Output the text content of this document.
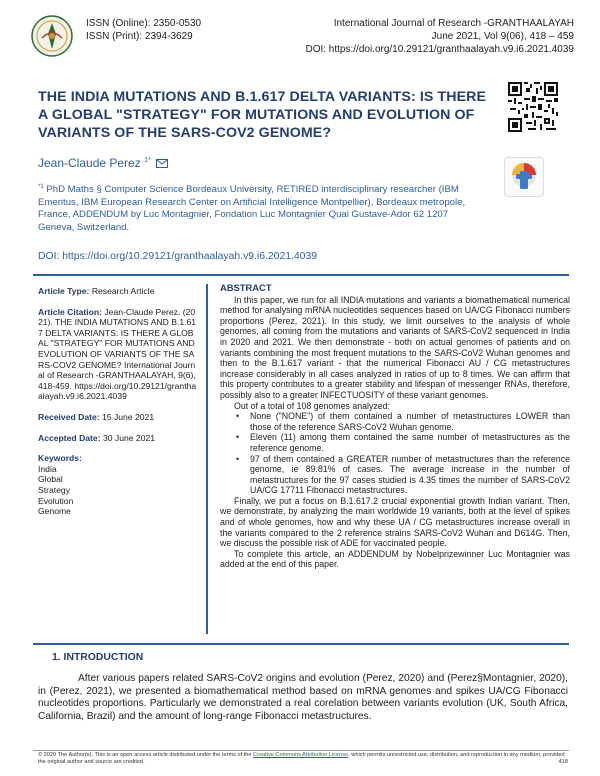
ISSN (Online): 2350-0530
ISSN (Print): 2394-3629
International Journal of Research -GRANTHAALAYAH
June 2021, Vol 9(06), 418 – 459
DOI: https://doi.org/10.29121/granthaalayah.v9.i6.2021.4039
THE INDIA MUTATIONS AND B.1.617 DELTA VARIANTS: IS THERE A GLOBAL "STRATEGY" FOR MUTATIONS AND EVOLUTION OF VARIANTS OF THE SARS-COV2 GENOME?
Jean-Claude Perez $^{1*}$
$^{*1}$ PhD Maths § Computer Science Bordeaux University, RETIRED interdisciplinary researcher (IBM Emeritus, IBM European Research Center on Artificial Intelligence Montpellier), Bordeaux metropole, France, ADDENDUM by Luc Montagnier, Fondation Luc Montagnier Quai Gustave-Ador 62 1207 Geneva, Switzerland.
DOI: https://doi.org/10.29121/granthaalayah.v9.i6.2021.4039
Article Type: Research Article
Article Citation: Jean-Claude Perez. (2021). THE INDIA MUTATIONS AND B.1.617 DELTA VARIANTS: IS THERE A GLOBAL "STRATEGY" FOR MUTATIONS AND EVOLUTION OF VARIANTS OF THE SARS-COV2 GENOME? International Journal of Research -GRANTHAALAYAH, 9(6), 418-459. https://doi.org/10.29121/granthaalayah.v9.i6.2021.4039
Received Date: 15 June 2021
Accepted Date: 30 June 2021
Keywords:
India
Global
Strategy
Evolution
Genome
ABSTRACT

In this paper, we run for all INDIA mutations and variants a biomathematical numerical method for analysing mRNA nucleotides sequences based on UA/CG Fibonacci numbers proportions (Perez, 2021). In this study, we limit ourselves to the analysis of whole genomes, all coming from the mutations and variants of SARS-CoV2 sequenced in India in 2020 and 2021. We then demonstrate - both on actual genomes of patients and on variants combining the most frequent mutations to the SARS-CoV2 Wuhan genomes and then to the B.1.617 variant - that the numerical Fibonacci AU / CG metastructures increase considerably in all cases analyzed in ratios of up to 8 times. We can affirm that this property contributes to a greater stability and lifespan of messenger RNAs, therefore, possibly also to a greater INFECTUOSITY of these variant genomes.

Out of a total of 108 genomes analyzed:

• None ("NONE") of them contained a number of metastructures LOWER than those of the reference SARS-CoV2 Wuhan genome.
• Eleven (11) among them contained the same number of metastructures as the reference genome.
• 97 of them contained a GREATER number of metastructures than the reference genome, ie 89.81% of cases. The average increase in the number of metastructures for the 97 cases studied is 4.35 times the number of SARS-CoV2 UA/CG 17711 Fibonacci metastructures.

Finally, we put a focus on B.1.617.2 crucial exponential growth Indian variant. Then, we demonstrate, by analyzing the main worldwide 19 variants, both at the level of spikes and of whole genomes, how and why these UA / CG metastructures increase overall in the variants compared to the 2 reference strains SARS-CoV2 Wuhan and D614G. Then, we discuss the possible risk of ADE for vaccinated people.

To complete this article, an ADDENDUM by Nobelprizewinner Luc Montagnier was added at the end of this paper.

1. INTRODUCTION

After various papers related SARS-CoV2 origins and evolution (Perez, 2020) and (Perez§Montagnier, 2020), in (Perez, 2021), we presented a biomathematical method based on mRNA genomes and spikes UA/CG Fibonacci nucleotides proportions. Particularly we demonstrated a real corelation between variants evolution (UK, South Africa, California, Brazil) and the amount of long-range Fibonacci metastructures.

© 2020 The Author(s). This is an open access article distributed under the terms of the Creative Commons Attribution License, which permits unrestricted use, distribution, and reproduction in any medium, provided the original author and source are credited.	418
